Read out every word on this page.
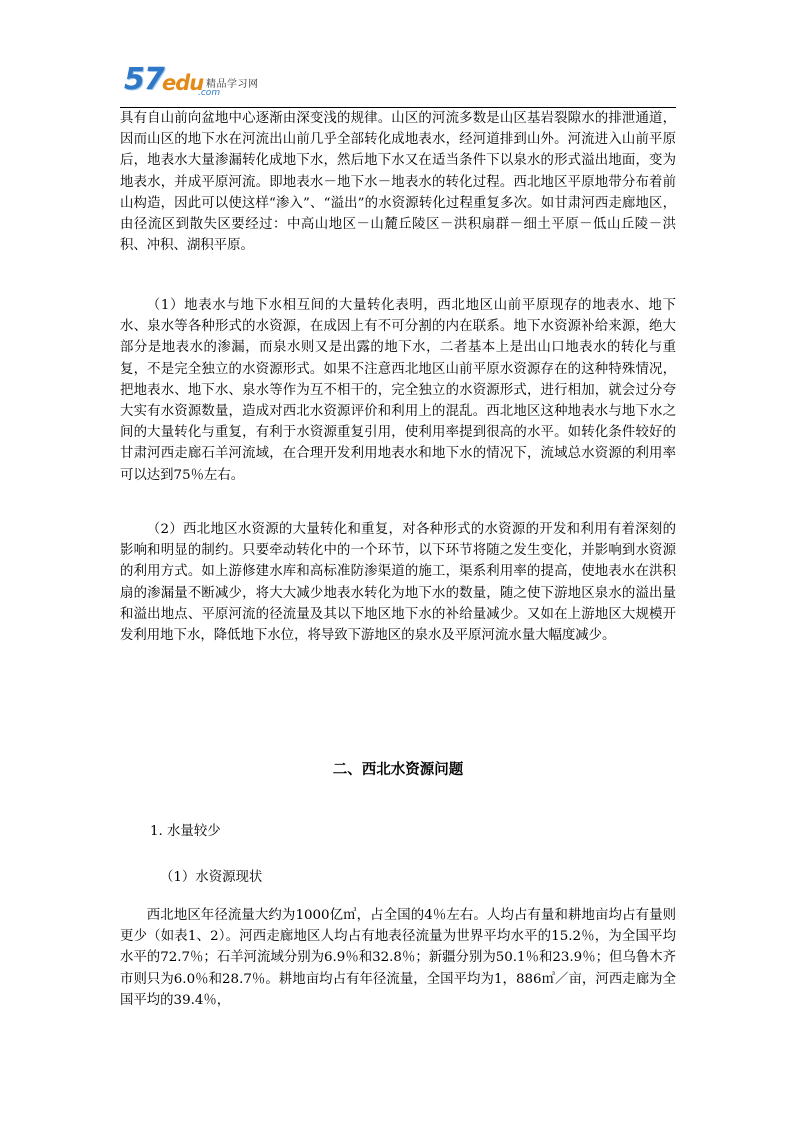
57
edu 精品学习网
.com

具有自山前向盆地中心逐渐由深变浅的规律。山区的河流多数是山区基岩裂隙水的排泄通道，因而山区的地下水在河流出山前几乎全部转化成地表水，经河道排到山外。河流进入山前平原后，地表水大量渗漏转化成地下水，然后地下水又在适当条件下以泉水的形式溢出地面，变为地表水，并成平原河流。即地表水－地下水－地表水的转化过程。西北地区平原地带分布着前山构造，因此可以使这样“渗入”、“溢出”的水资源转化过程重复多次。如甘肃河西走廊地区，由径流区到散失区要经过：中高山地区－山麓丘陵区－洪积扇群－细土平原－低山丘陵－洪积、冲积、湖积平原。

（1）地表水与地下水相互间的大量转化表明，西北地区山前平原现存的地表水、地下水、泉水等各种形式的水资源，在成因上有不可分割的内在联系。地下水资源补给来源，绝大部分是地表水的渗漏，而泉水则又是出露的地下水，二者基本上是出山口地表水的转化与重复，不是完全独立的水资源形式。如果不注意西北地区山前平原水资源存在的这种特殊情况，把地表水、地下水、泉水等作为互不相干的，完全独立的水资源形式，进行相加，就会过分夸大实有水资源数量，造成对西北水资源评价和利用上的混乱。西北地区这种地表水与地下水之间的大量转化与重复，有利于水资源重复引用，使利用率提到很高的水平。如转化条件较好的甘肃河西走廊石羊河流域，在合理开发利用地表水和地下水的情况下，流域总水资源的利用率可以达到75％左右。

（2）西北地区水资源的大量转化和重复，对各种形式的水资源的开发和利用有着深刻的影响和明显的制约。只要牵动转化中的一个环节，以下环节将随之发生变化，并影响到水资源的利用方式。如上游修建水库和高标准防渗渠道的施工，渠系利用率的提高，使地表水在洪积扇的渗漏量不断减少，将大大减少地表水转化为地下水的数量，随之使下游地区泉水的溢出量和溢出地点、平原河流的径流量及其以下地区地下水的补给量减少。又如在上游地区大规模开发利用地下水，降低地下水位，将导致下游地区的泉水及平原河流水量大幅度减少。

二、西北水资源问题
1. 水量较少
（1）水资源现状

西北地区年径流量大约为1000亿㎥，占全国的4％左右。人均占有量和耕地亩均占有量则更少（如表1、2）。河西走廊地区人均占有地表径流量为世界平均水平的15.2％，为全国平均水平的72.7％；石羊河流域分别为6.9％和32.8％；新疆分别为50.1％和23.9％；但乌鲁木齐市则只为6.0％和28.7％。耕地亩均占有年径流量，全国平均为1，886㎥／亩，河西走廊为全国平均的39.4％，
